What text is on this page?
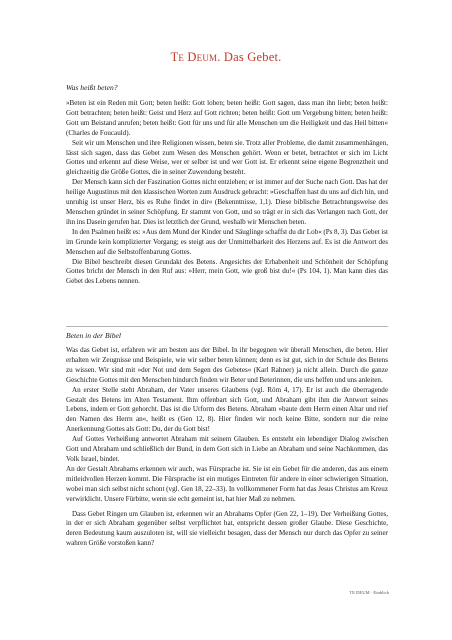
Te Deum. Das Gebet.

Was heißt beten?

»Beten ist ein Reden mit Gott; beten heißt: Gott loben; beten heißt: Gott sagen, dass man ihn liebt; beten heißt: Gott betrachten; beten heißt: Geist und Herz auf Gott richten; beten heißt: Gott um Vergebung bitten; beten heißt: Gott um Beistand anrufen; beten heißt: Gott für uns und für alle Menschen um die Heiligkeit und das Heil bitten« (Charles de Foucauld).

Seit wir um Menschen und ihre Religionen wissen, beten sie. Trotz aller Probleme, die damit zusammenhängen, lässt sich sagen, dass das Gebet zum Wesen des Menschen gehört. Wenn er betet, betrachtet er sich im Licht Gottes und erkennt auf diese Weise, wer er selber ist und wer Gott ist. Er erkennt seine eigene Begrenztheit und gleichzeitig die Größe Gottes, die in seiner Zuwendung besteht.

Der Mensch kann sich der Faszination Gottes nicht entziehen; er ist immer auf der Suche nach Gott. Das hat der heilige Augustinus mit den klassischen Worten zum Ausdruck gebracht: »Geschaffen hast du uns auf dich hin, und unruhig ist unser Herz, bis es Ruhe findet in dir« (Bekenntnisse, 1,1). Diese biblische Betrachtungsweise des Menschen gründet in seiner Schöpfung. Er stammt von Gott, und so trägt er in sich das Verlangen nach Gott, der ihn ins Dasein gerufen hat. Dies ist letztlich der Grund, weshalb wir Menschen beten.

In den Psalmen heißt es: »Aus dem Mund der Kinder und Säuglinge schaffst du dir Lob« (Ps 8, 3). Das Gebet ist im Grunde kein komplizierter Vorgang; es steigt aus der Unmittelbarkeit des Herzens auf. Es ist die Antwort des Menschen auf die Selbstoffenbarung Gottes.

Die Bibel beschreibt diesen Grundakt des Betens. Angesichts der Erhabenheit und Schönheit der Schöpfung Gottes bricht der Mensch in den Ruf aus: »Herr, mein Gott, wie groß bist du!« (Ps 104, 1). Man kann dies das Gebet des Lebens nennen.

Beten in der Bibel

Was das Gebet ist, erfahren wir am besten aus der Bibel. In ihr begegnen wir überall Menschen, die beten. Hier erhalten wir Zeugnisse und Beispiele, wie wir selber beten können; denn es ist gut, sich in der Schule des Betens zu wissen. Wir sind mit »der Not und dem Segen des Gebetes« (Karl Rahner) ja nicht allein. Durch die ganze Geschichte Gottes mit den Menschen hindurch finden wir Beter und Beterinnen, die uns helfen und uns anleiten.

An erster Stelle steht Abraham, der Vater unseres Glaubens (vgl. Röm 4, 17). Er ist auch die überragende Gestalt des Betens im Alten Testament. Ihm offenbart sich Gott, und Abraham gibt ihm die Antwort seines Lebens, indem er Gott gehorcht. Das ist die Urform des Betens. Abraham »baute dem Herrn einen Altar und rief den Namen des Herrn an«, heißt es (Gen 12, 8). Hier finden wir noch keine Bitte, sondern nur die reine Anerkennung Gottes als Gott: Du, der du Gott bist!

Auf Gottes Verheißung antwortet Abraham mit seinem Glauben. Es entsteht ein lebendiger Dialog zwischen Gott und Abraham und schließlich der Bund, in dem Gott sich in Liebe an Abraham und seine Nachkommen, das Volk Israel, bindet.

An der Gestalt Abrahams erkennen wir auch, was Fürsprache ist. Sie ist ein Gebet für die anderen, das aus einem mitleidvollen Herzen kommt. Die Fürsprache ist ein mutiges Eintreten für andere in einer schwierigen Situation, wobei man sich selbst nicht schont (vgl. Gen 18, 22–33). In vollkommener Form hat das Jesus Christus am Kreuz verwirklicht. Unsere Fürbitte, wenn sie echt gemeint ist, hat hier Maß zu nehmen.

Dass Gebet Ringen um Glauben ist, erkennen wir an Abrahams Opfer (Gen 22, 1–19). Der Verheißung Gottes, in der er sich Abraham gegenüber selbst verpflichtet hat, entspricht dessen großer Glaube. Diese Geschichte, deren Bedeutung kaum auszuloten ist, will sie vielleicht besagen, dass der Mensch nur durch das Opfer zu seiner wahren Größe vorstoßen kann?

TE DEUM · Einblick
